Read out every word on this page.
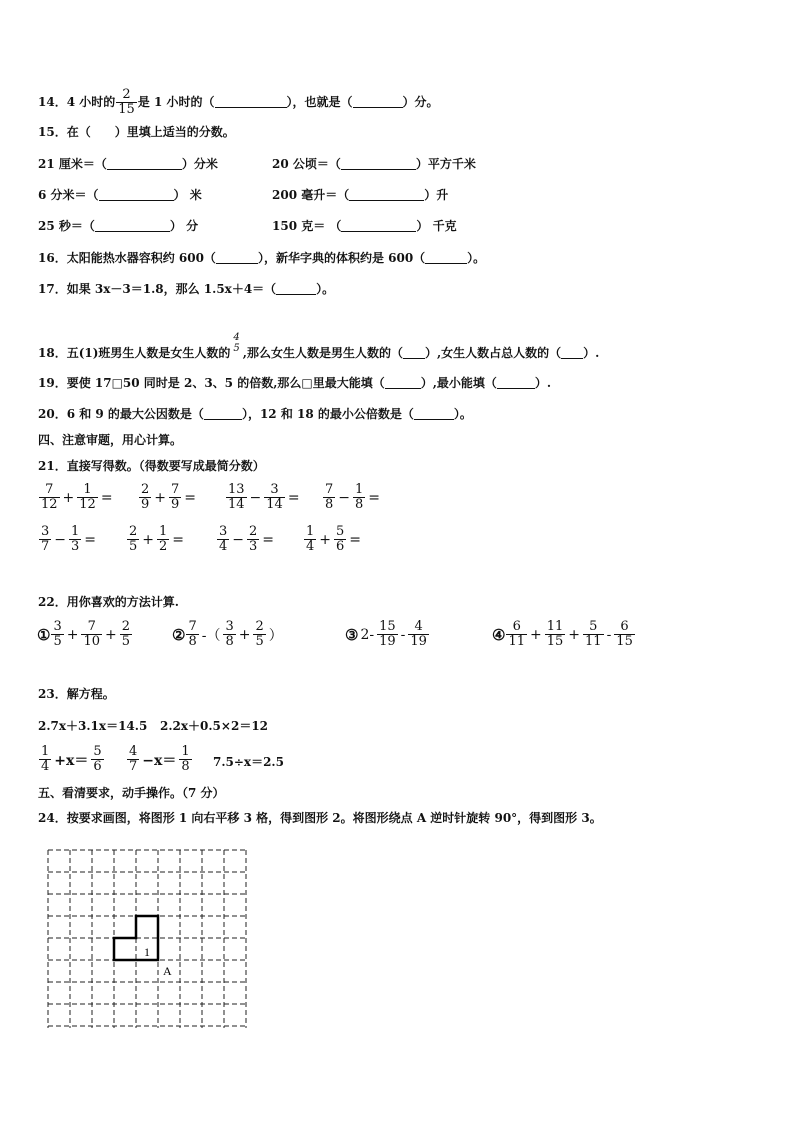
14．4 小时的 $\frac{2}{15}$ 是 1 小时的（	），也就是（	）分。
15．在（　　）里填上适当的分数。
21 厘米＝（	）分米	20 公顷＝（	）平方千米
6 分米＝（	） 米	200 毫升＝（	）升
25 秒＝（	） 分	150 克＝ （	） 千克
16．太阳能热水器容积约 600（	），新华字典的体积约是 600（	）。
17．如果 3x－3＝1.8，那么 1.5x＋4＝（	）。
18．五(1)班男生人数是女生人数的
4
5 ,那么女生人数是男生人数的（ ）,女生人数占总人数的（ ）.
19．要使 17□50 同时是 2、3、5 的倍数,那么□里最大能填（	）,最小能填（	）.
20．6 和 9 的最大公因数是（	），12 和 18 的最小公倍数是（	）。
四、注意审题，用心计算。
21．直接写得数。（得数要写成最简分数）
$\frac{7}{12} + \frac{1}{12} = \frac{2}{9} + \frac{7}{9} = \frac{13}{14} - \frac{3}{14} = \frac{7}{8} - \frac{1}{8}$ =
$\frac{3}{7} - \frac{1}{3} = \frac{2}{5} + \frac{1}{2}$ =	$\frac{3}{4} - \frac{2}{3} = \frac{1}{4} + \frac{5}{6}$ =
22．用你喜欢的方法计算.
① $\frac{3}{5} + \frac{7}{10} + \frac{2}{5}$	② $\frac{7}{8}$ -（ $\frac{3}{8} + \frac{2}{5}$ ）	③ $2- \frac{15}{19} - \frac{4}{19}$	④ $\frac{6}{11} + \frac{11}{15} + \frac{5}{11} - \frac{6}{15}$
23．解方程。
2.7x＋3.1x＝14.5 2.2x＋0.5×2＝12
$\frac{1}{4} +x= \frac{5}{6} \frac{4}{7} -x= \frac{1}{8} 7.5\div x=2.5$
五、看清要求，动手操作。（7 分）
24．按要求画图，将图形 1 向右平移 3 格，得到图形 2。将图形绕点 A 逆时针旋转 90°，得到图形 3。
1
A
